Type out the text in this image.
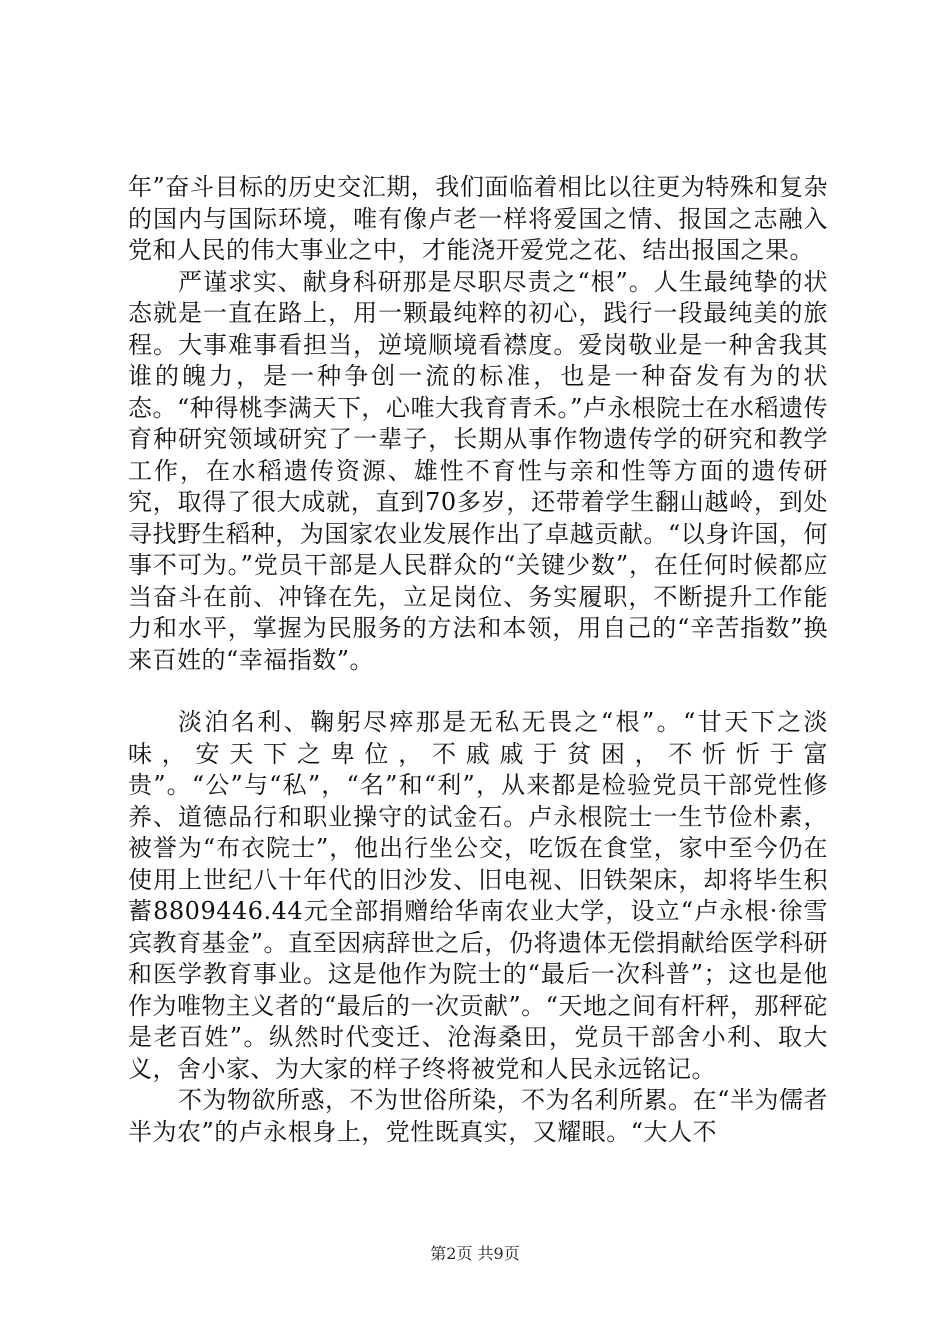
年”奋斗目标的历史交汇期，我们面临着相比以往更为特殊和复杂的国内与国际环境，唯有像卢老一样将爱国之情、报国之志融入党和人民的伟大事业之中，才能浇开爱党之花、结出报国之果。

严谨求实、献身科研那是尽职尽责之“根”。人生最纯挚的状态就是一直在路上，用一颗最纯粹的初心，践行一段最纯美的旅程。大事难事看担当，逆境顺境看襟度。爱岗敬业是一种舍我其谁的魄力，是一种争创一流的标准，也是一种奋发有为的状态。“种得桃李满天下，心唯大我育青禾。”卢永根院士在水稻遗传育种研究领域研究了一辈子，长期从事作物遗传学的研究和教学工作，在水稻遗传资源、雄性不育性与亲和性等方面的遗传研究，取得了很大成就，直到70多岁，还带着学生翻山越岭，到处寻找野生稻种，为国家农业发展作出了卓越贡献。“以身许国，何事不可为。”党员干部是人民群众的“关键少数”，在任何时候都应当奋斗在前、冲锋在先，立足岗位、务实履职，不断提升工作能力和水平，掌握为民服务的方法和本领，用自己的“辛苦指数”换来百姓的“幸福指数”。

淡泊名利、鞠躬尽瘁那是无私无畏之“根”。“甘天下之淡味，安天下之卑位，不戚戚于贫困，不忻忻于富贵”。“公”与“私”，“名”和“利”，从来都是检验党员干部党性修养、道德品行和职业操守的试金石。卢永根院士一生节俭朴素，被誉为“布衣院士”，他出行坐公交，吃饭在食堂，家中至今仍在使用上世纪八十年代的旧沙发、旧电视、旧铁架床，却将毕生积蓄8809446.44元全部捐赠给华南农业大学，设立“卢永根·徐雪宾教育基金”。直至因病辞世之后，仍将遗体无偿捐献给医学科研和医学教育事业。这是他作为院士的“最后一次科普”；这也是他作为唯物主义者的“最后的一次贡献”。“天地之间有杆秤，那秤砣是老百姓”。纵然时代变迁、沧海桑田，党员干部舍小利、取大义，舍小家、为大家的样子终将被党和人民永远铭记。

不为物欲所惑，不为世俗所染，不为名利所累。在“半为儒者半为农”的卢永根身上，党性既真实，又耀眼。“大人不

第2页 共9页
